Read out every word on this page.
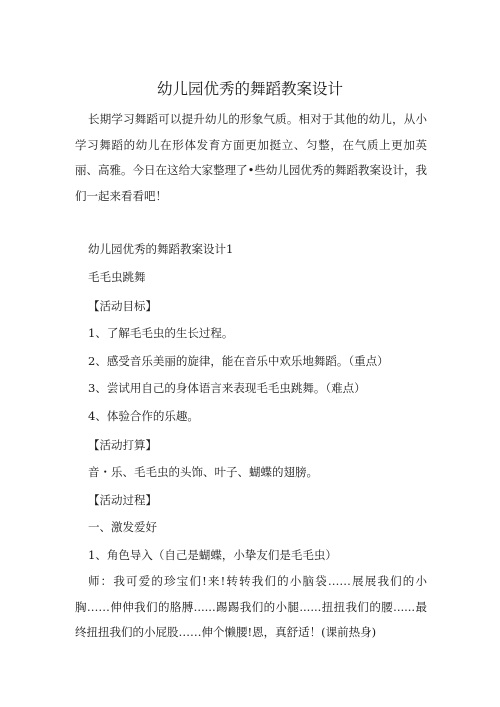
幼儿园优秀的舞蹈教案设计

长期学习舞蹈可以提升幼儿的形象气质。相对于其他的幼儿，从小学习舞蹈的幼儿在形体发育方面更加挺立、匀整，在气质上更加英丽、高雅。今日在这给大家整理了•些幼儿园优秀的舞蹈教案设计，我们一起来看看吧！

幼儿园优秀的舞蹈教案设计1

毛毛虫跳舞

【活动目标】

1、了解毛毛虫的生长过程。

2、感受音乐美丽的旋律，能在音乐中欢乐地舞蹈。（重点）

3、尝试用自己的身体语言来表现毛毛虫跳舞。（难点）

4、体验合作的乐趣。

【活动打算】

音・乐、毛毛虫的头饰、叶子、蝴蝶的翅膀。

【活动过程】

一、激发爱好

1、角色导入（自己是蝴蝶，小挚友们是毛毛虫）

师：我可爱的珍宝们!来!转转我们的小脑袋……展展我们的小胸……伸伸我们的胳膊......踢踢我们的小腿......扭扭我们的腰......最终扭扭我们的小屁股……伸个懒腰!恩，真舒适！(课前热身)
